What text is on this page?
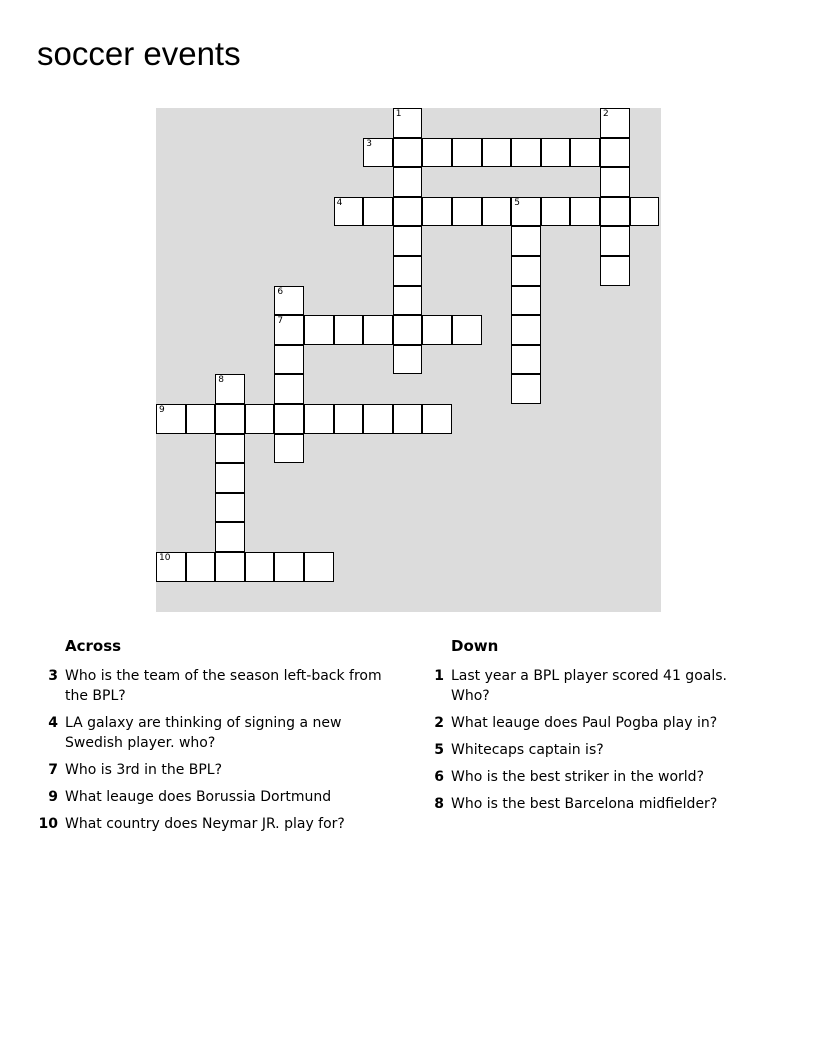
soccer events
1	2
3
4	5
6
7
8
9
10
Across
3 Who is the team of the season left-back from the BPL?
4 LA galaxy are thinking of signing a new Swedish player. who?
7 Who is 3rd in the BPL?
9 What leauge does Borussia Dortmund
10 What country does Neymar JR. play for?
Down
1 Last year a BPL player scored 41 goals. Who?
2 What leauge does Paul Pogba play in?
5 Whitecaps captain is?
6 Who is the best striker in the world?
8 Who is the best Barcelona midfielder?
